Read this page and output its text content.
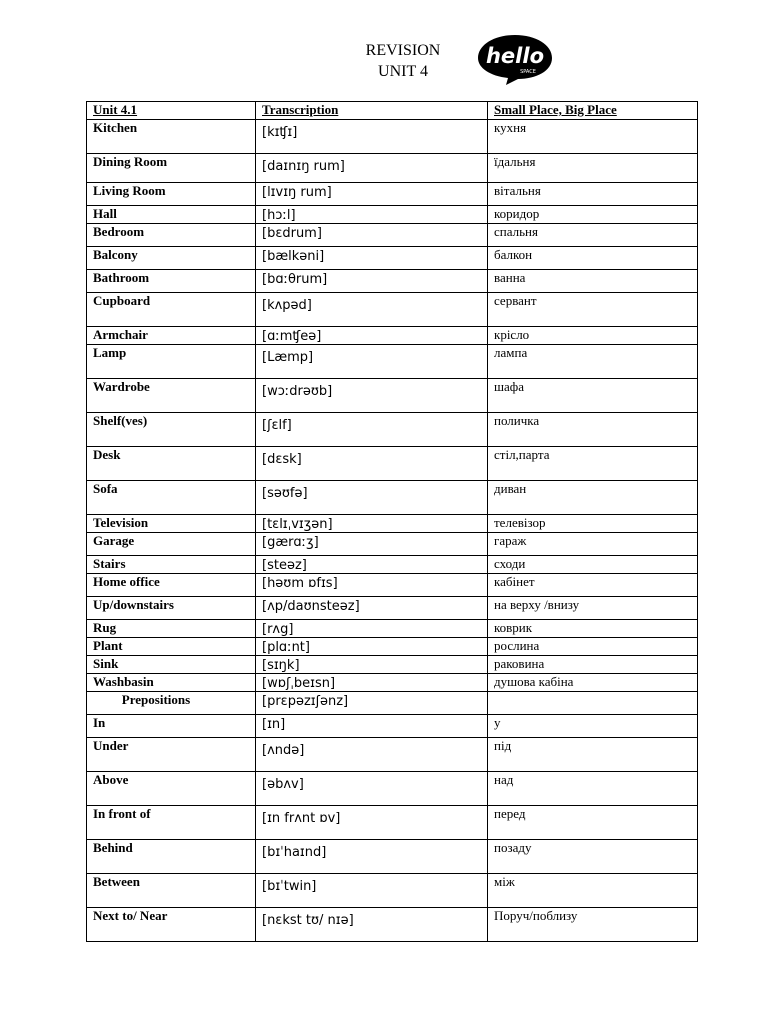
REVISION
UNIT 4
hello
SPACE
Unit 4.1	Transcription	Small Place, Big Place
Kitchen	[kɪʧɪ]	кухня
Dining Room	[daɪnɪŋ rum]	їдальня
Living Room	[lɪvɪŋ rum]	вітальня
Hall	[hɔːl]	коридор
Bedroom	[bɛdrum]	спальня
Balcony	[bælkəni]	балкон
Bathroom	[bɑːθrum]	ванна
Cupboard	[kʌpəd]	сервант
Armchair	[ɑːmʧeə]	крісло
Lamp	[Læmp]	лампа
Wardrobe	[wɔːdrəʊb]	шафа
Shelf(ves)	[ʃɛlf]	поличка
Desk	[dɛsk]	стіл,парта
Sofa	[səʊfə]	диван
Television	[tɛlɪˌvɪʒən]	телевізор
Garage	[gærɑːʒ]	гараж
Stairs	[steəz]	сходи
Home office	[həʊm ɒfɪs]	кабінет
Up/downstairs	[ʌp/daʊnsteəz]	на верху /внизу
Rug	[rʌg]	коврик
Plant	[plɑːnt]	рослина
Sink	[sɪŋk]	раковина
Washbasin	[wɒʃˌbeɪsn]	душова кабіна
Prepositions	[prɛpəzɪʃənz]	
In	[ɪn]	у
Under	[ʌndə]	під
Above	[əbʌv]	над
In front of	[ɪn frʌnt ɒv]	перед
Behind	[bɪˈhaɪnd]	позаду
Between	[bɪˈtwin]	між
Next to/ Near	[nɛkst tʊ/ nɪə]	Поруч/поблизу
